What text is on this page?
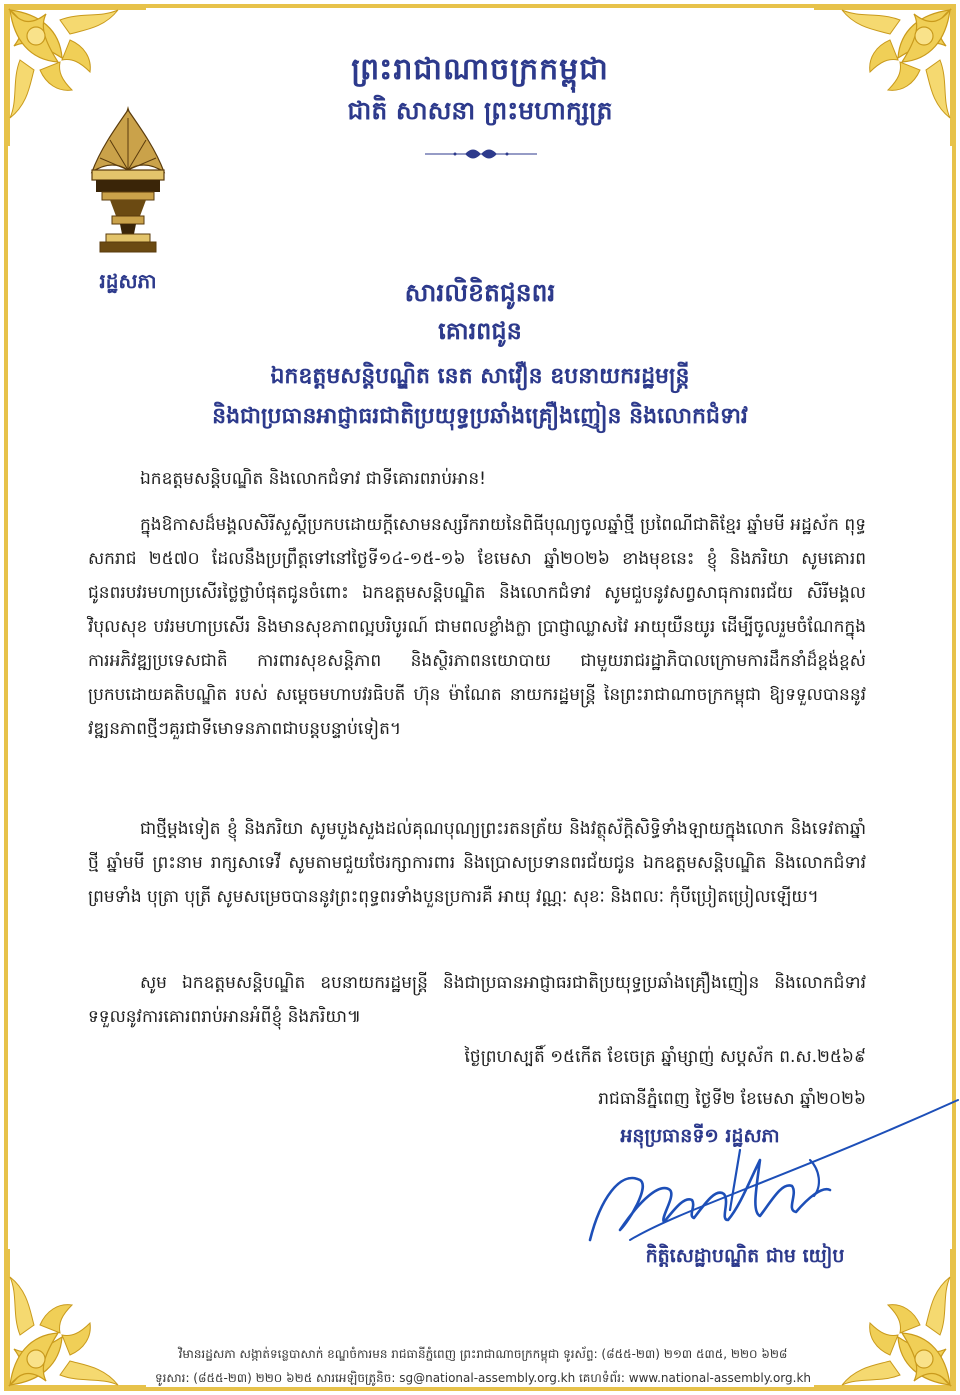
ព្រះរាជាណាចក្រកម្ពុជា
ជាតិ សាសនា ព្រះមហាក្សត្រ
រដ្ឋសភា	សារលិខិតជូនពរ
គោរពជូន
ឯកឧត្តមសន្តិបណ្ឌិត នេត សាវឿន ឧបនាយករដ្ឋមន្ត្រី
និងជាប្រធានអាជ្ញាធរជាតិប្រយុទ្ធប្រឆាំងគ្រឿងញៀន និងលោកជំទាវ
ឯកឧត្តមសន្តិបណ្ឌិត និងលោកជំទាវ ជាទីគោរពរាប់អាន!
ក្នុងឱកាសដ៏មង្គលសិរីសួស្តីប្រកបដោយក្តីសោមនស្សរីករាយនៃពិធីបុណ្យចូលឆ្នាំថ្មី ប្រពៃណីជាតិខ្មែរ ឆ្នាំមមី អដ្ឋស័ក ពុទ្ធសករាជ ២៥៧០ ដែលនឹងប្រព្រឹត្តទៅនៅថ្ងៃទី១៤-១៥-១៦ ខែមេសា ឆ្នាំ២០២៦ ខាងមុខនេះ ខ្ញុំ និងភរិយា សូមគោរពជូនពរបវរមហាប្រសើរថ្លៃថ្លាបំផុតជូនចំពោះ ឯកឧត្តមសន្តិបណ្ឌិត និងលោកជំទាវ សូមជួបនូវសព្វសាធុការពរជ័យ សិរីមង្គល វិបុលសុខ បវរមហាប្រសើរ និងមានសុខភាពល្អបរិបូរណ៍ ជាមពលខ្លាំងក្លា ប្រាជ្ញាឈ្លាសវៃ អាយុយឺនយូរ ដើម្បីចូលរួមចំណែកក្នុងការអភិវឌ្ឍប្រទេសជាតិ ការពារសុខសន្តិភាព និងស្ថិរភាពនយោបាយ ជាមួយរាជរដ្ឋាភិបាលក្រោមការដឹកនាំដ៏ខ្ពង់ខ្ពស់ប្រកបដោយគតិបណ្ឌិត របស់ សម្តេចមហាបវរធិបតី ហ៊ុន ម៉ាណែត នាយករដ្ឋមន្ត្រី នៃព្រះរាជាណាចក្រកម្ពុជា ឱ្យទទួលបាននូវវឌ្ឍនភាពថ្មីៗគួរជាទីមោទនភាពជាបន្តបន្ទាប់ទៀត។
ជាថ្មីម្តងទៀត ខ្ញុំ និងភរិយា សូមបួងសួងដល់គុណបុណ្យព្រះរតនត្រ័យ និងវត្ថុស័ក្តិសិទ្ធិទាំងឡាយក្នុងលោក និងទេវតាឆ្នាំថ្មី ឆ្នាំមមី ព្រះនាម រាក្សសាទេវី សូមតាមជួយថែរក្សាការពារ និងប្រោសប្រទានពរជ័យជូន ឯកឧត្តមសន្តិបណ្ឌិត និងលោកជំទាវ ព្រមទាំង បុត្រា បុត្រី សូមសម្រេចបាននូវព្រះពុទ្ធពរទាំងបួនប្រការគឺ អាយុ វណ្ណៈ សុខៈ និងពលៈ កុំបីប្រៀតប្រៀលឡើយ។
សូម ឯកឧត្តមសន្តិបណ្ឌិត ឧបនាយករដ្ឋមន្ត្រី និងជាប្រធានអាជ្ញាធរជាតិប្រយុទ្ធប្រឆាំងគ្រឿងញៀន និងលោកជំទាវ ទទួលនូវការគោរពរាប់អានអំពីខ្ញុំ និងភរិយា៕
ថ្ងៃព្រហស្បតិ៍ ១៥កើត ខែចេត្រ ឆ្នាំម្សាញ់ សប្តស័ក ព.ស.២៥៦៩
រាជធានីភ្នំពេញ ថ្ងៃទី២ ខែមេសា ឆ្នាំ២០២៦
អនុប្រធានទី១ រដ្ឋសភា
កិត្តិសេដ្ឋាបណ្ឌិត ជាម យៀប
វិមានរដ្ឋសភា សង្កាត់ទន្លេបាសាក់ ខណ្ឌចំការមន រាជធានីភ្នំពេញ ព្រះរាជាណាចក្រកម្ពុជា ទូរស័ព្ទ: (៨៥៥-២៣) ២១៣ ៥៣៥, ២២០ ៦២៨
ទូរសារ: (៨៥៥-២៣) ២២០ ៦២៥ សារអេឡិចត្រូនិច: sg@national-assembly.org.kh គេហទំព័រ: www.national-assembly.org.kh
